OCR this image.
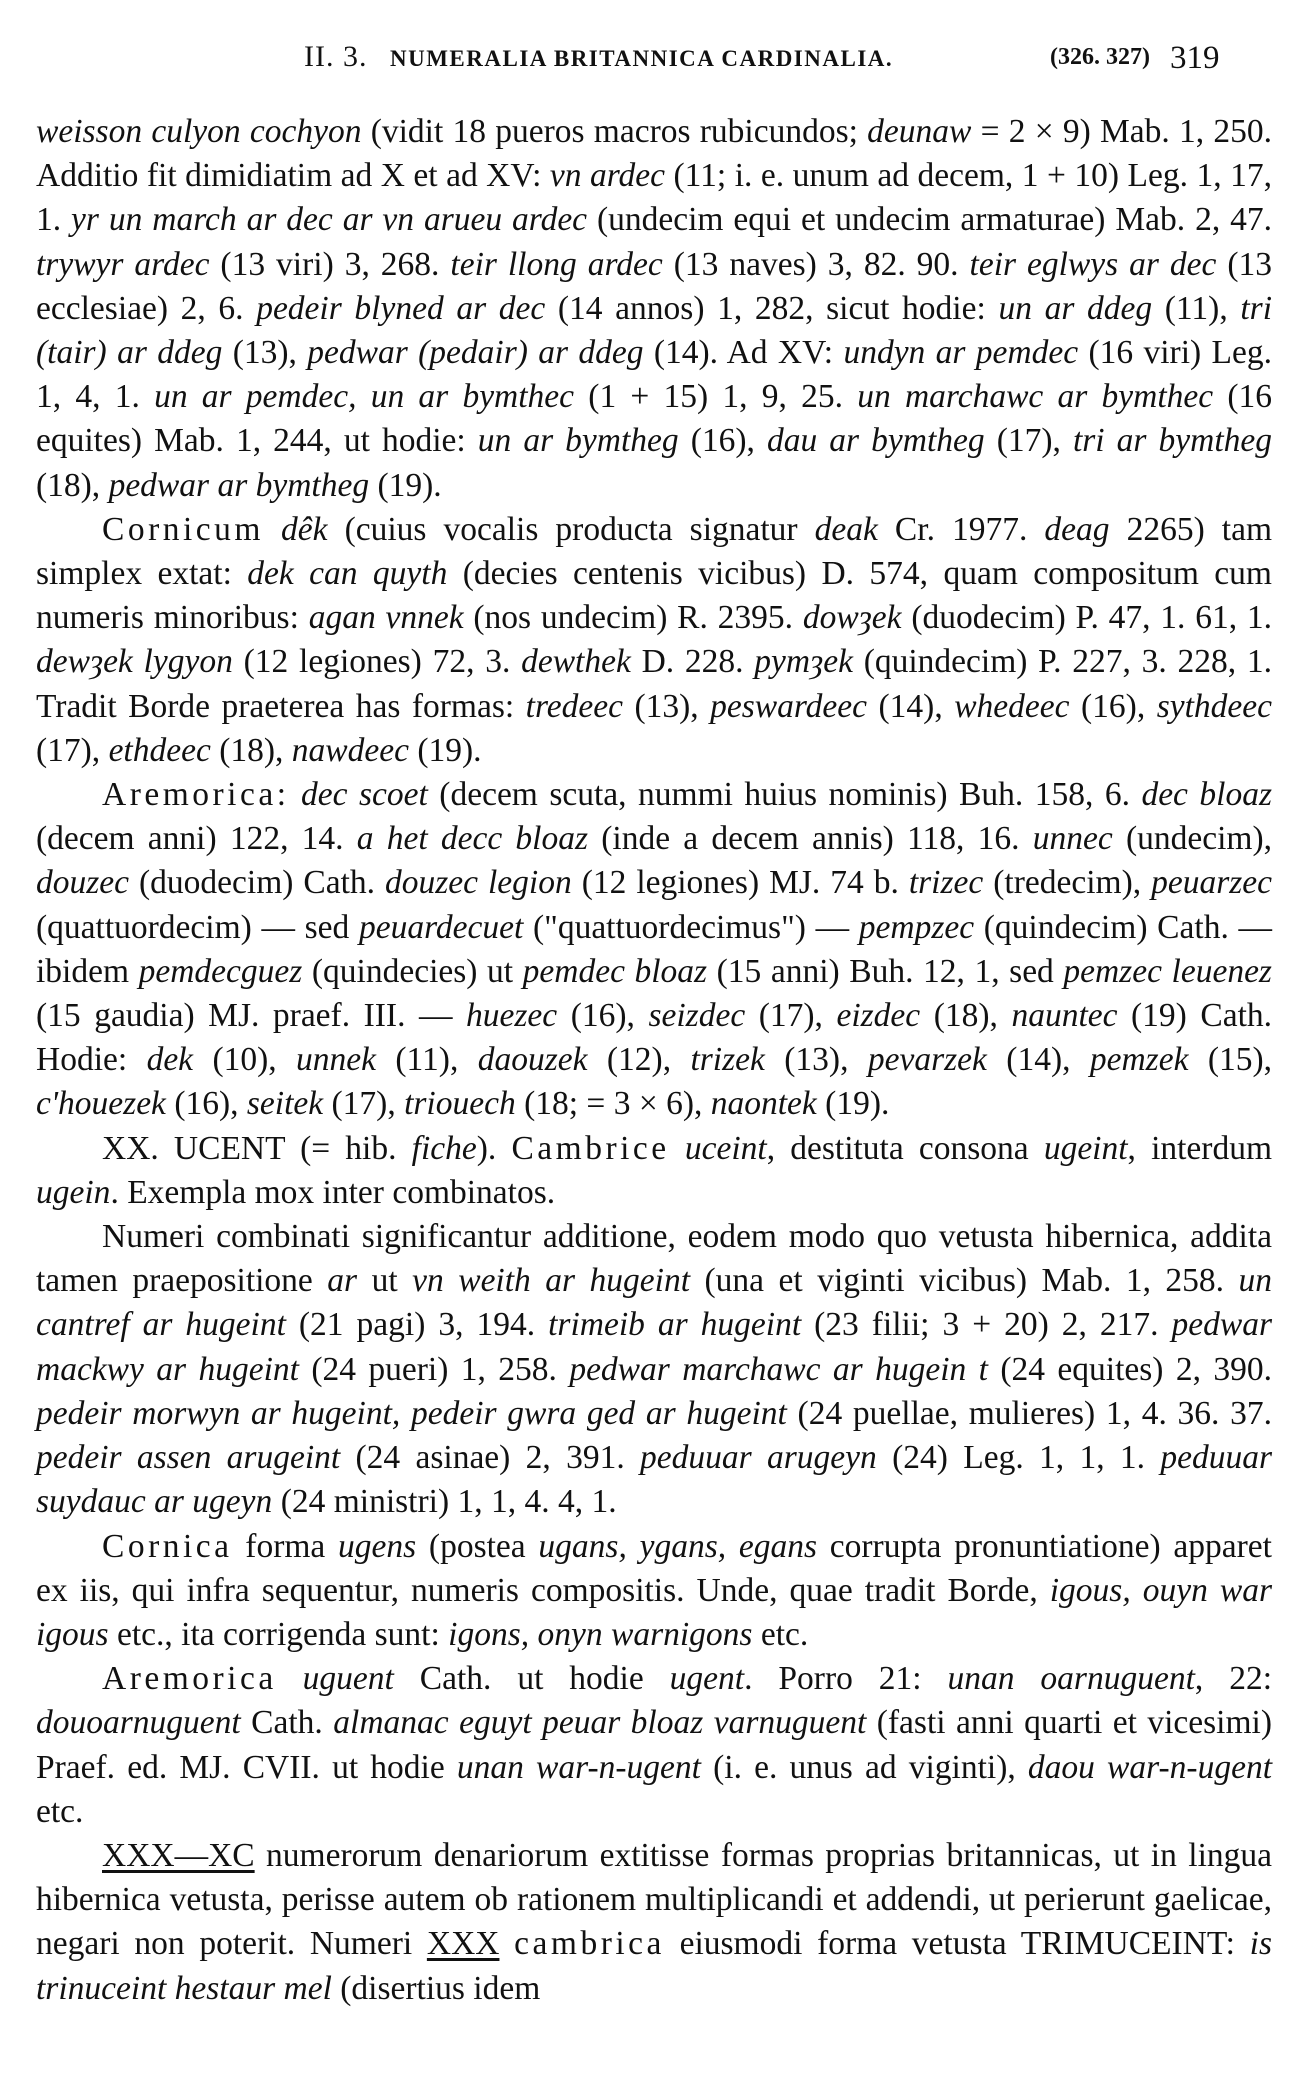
II. 3. NUMERALIA BRITANNICA CARDINALIA.	(326. 327) 319

weisson culyon cochyon (vidit 18 pueros macros rubicundos; deunaw = 2 × 9) Mab. 1, 250. Additio fit dimidiatim ad X et ad XV: vn ardec (11; i. e. unum ad decem, 1 + 10) Leg. 1, 17, 1. yr un march ar dec ar vn arueu ardec (undecim equi et undecim armaturae) Mab. 2, 47. trywyr ardec (13 viri) 3, 268. teir llong ardec (13 naves) 3, 82. 90. teir eglwys ar dec (13 ecclesiae) 2, 6. pedeir blyned ar dec (14 annos) 1, 282, sicut hodie: un ar ddeg (11), tri (tair) ar ddeg (13), pedwar (pedair) ar ddeg (14). Ad XV: undyn ar pemdec (16 viri) Leg. 1, 4, 1. un ar pemdec, un ar bymthec (1 + 15) 1, 9, 25. un marchawc ar bymthec (16 equites) Mab. 1, 244, ut hodie: un ar bymtheg (16), dau ar bymtheg (17), tri ar bymtheg (18), pedwar ar bymtheg (19).

Cornicum dêk (cuius vocalis producta signatur deak Cr. 1977. deag 2265) tam simplex extat: dek can quyth (decies centenis vicibus) D. 574, quam compositum cum numeris minoribus: agan vnnek (nos undecim) R. 2395. dowȝek (duodecim) P. 47, 1. 61, 1. dewȝek lygyon (12 legiones) 72, 3. dewthek D. 228. pymȝek (quindecim) P. 227, 3. 228, 1. Tradit Borde praeterea has formas: tredeec (13), peswardeec (14), whedeec (16), sythdeec (17), ethdeec (18), nawdeec (19).

Aremorica: dec scoet (decem scuta, nummi huius nominis) Buh. 158, 6. dec bloaz (decem anni) 122, 14. a het decc bloaz (inde a decem annis) 118, 16. unnec (undecim), douzec (duodecim) Cath. douzec legion (12 legiones) MJ. 74 b. trizec (tredecim), peuarzec (quattuordecim) — sed peuardecuet ("quattuordecimus") — pempzec (quindecim) Cath. — ibidem pemdecguez (quindecies) ut pemdec bloaz (15 anni) Buh. 12, 1, sed pemzec leuenez (15 gaudia) MJ. praef. III. — huezec (16), seizdec (17), eizdec (18), nauntec (19) Cath. Hodie: dek (10), unnek (11), daouzek (12), trizek (13), pevarzek (14), pemzek (15), c'houezek (16), seitek (17), triouech (18; = 3 × 6), naontek (19).

XX. UCENT (= hib. fiche). Cambrice uceint, destituta consona ugeint, interdum ugein. Exempla mox inter combinatos.

Numeri combinati significantur additione, eodem modo quo vetusta hibernica, addita tamen praepositione ar ut vn weith ar hugeint (una et viginti vicibus) Mab. 1, 258. un cantref ar hugeint (21 pagi) 3, 194. trimeib ar hugeint (23 filii; 3 + 20) 2, 217. pedwar mackwy ar hugeint (24 pueri) 1, 258. pedwar marchawc ar hugein t (24 equites) 2, 390. pedeir morwyn ar hugeint, pedeir gwra ged ar hugeint (24 puellae, mulieres) 1, 4. 36. 37. pedeir assen arugeint (24 asinae) 2, 391. peduuar arugeyn (24) Leg. 1, 1, 1. peduuar suydauc ar ugeyn (24 ministri) 1, 1, 4. 4, 1.

Cornica forma ugens (postea ugans, ygans, egans corrupta pronuntiatione) apparet ex iis, qui infra sequentur, numeris compositis. Unde, quae tradit Borde, igous, ouyn war igous etc., ita corrigenda sunt: igons, onyn warnigons etc.

Aremorica uguent Cath. ut hodie ugent. Porro 21: unan oarnuguent, 22: douoarnuguent Cath. almanac eguyt peuar bloaz varnuguent (fasti anni quarti et vicesimi) Praef. ed. MJ. CVII. ut hodie unan war-n-ugent (i. e. unus ad viginti), daou war-n-ugent etc.

XXX—XC numerorum denariorum extitisse formas proprias britannicas, ut in lingua hibernica vetusta, perisse autem ob rationem multiplicandi et addendi, ut perierunt gaelicae, negari non poterit. Numeri XXX cambrica eiusmodi forma vetusta TRIMUCEINT: is trinuceint hestaur mel (disertius idem
